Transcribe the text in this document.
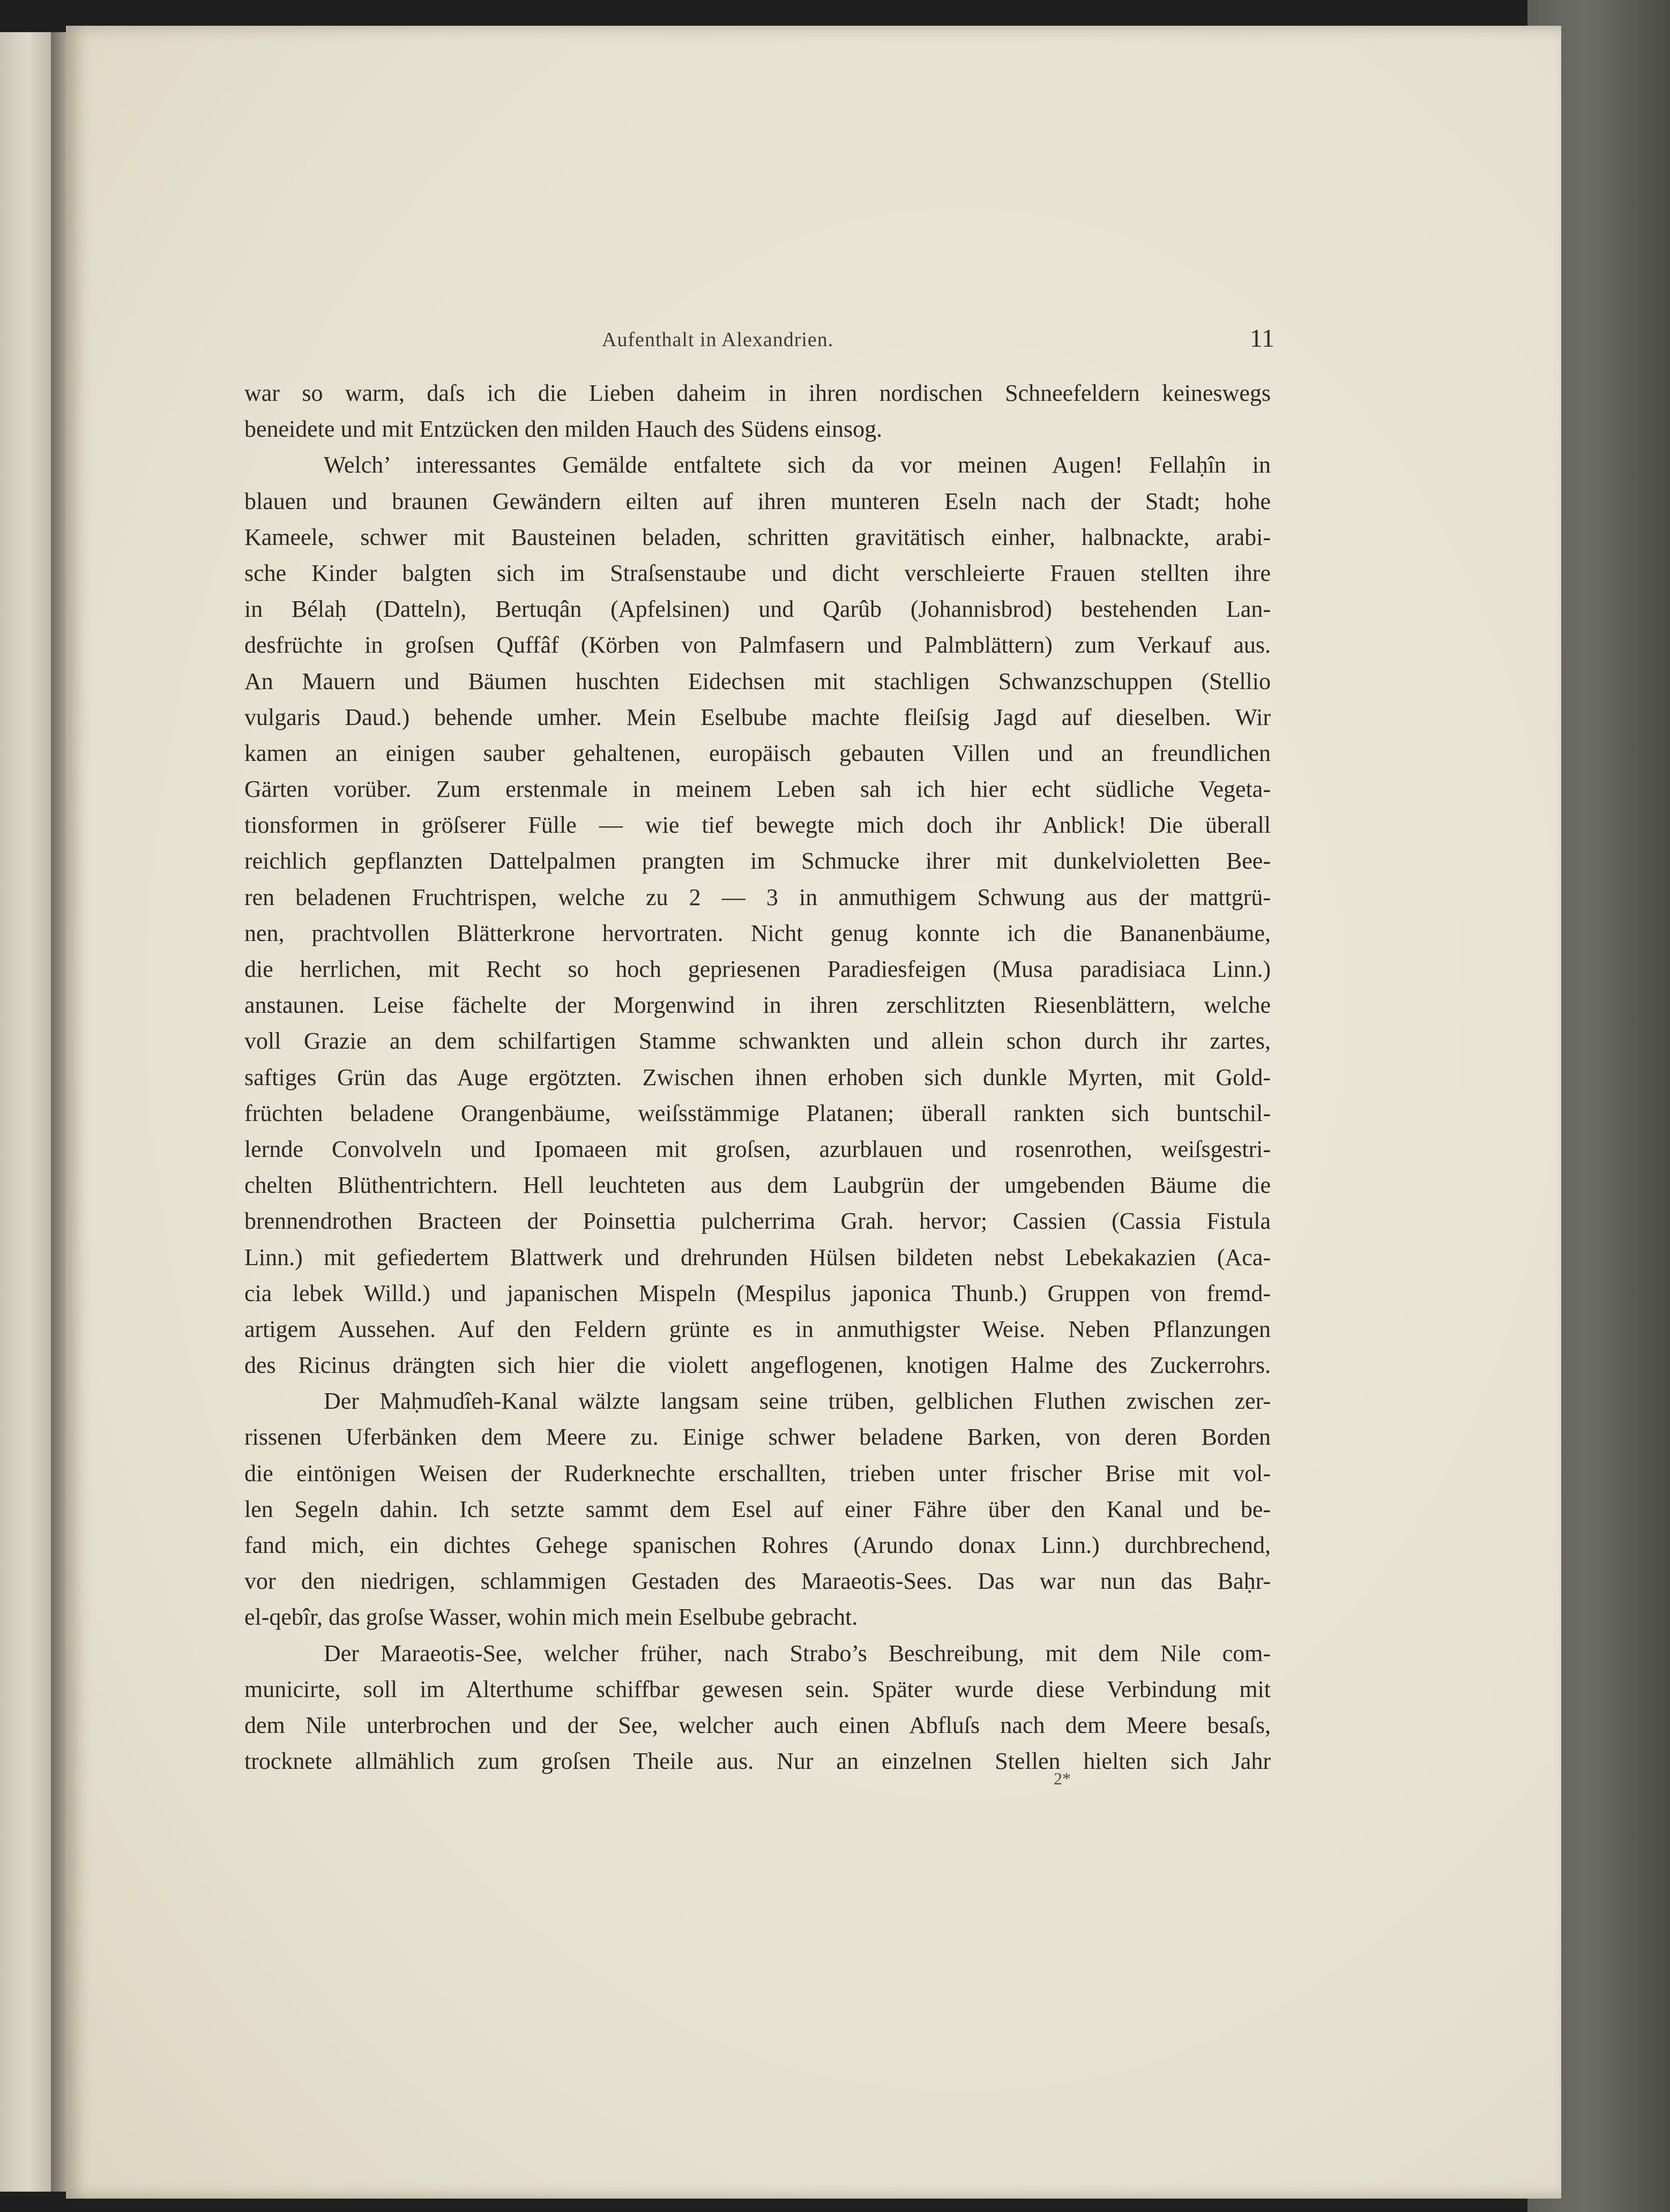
Aufenthalt in Alexandrien.	11
war so warm, daſs ich die Lieben daheim in ihren nordischen Schneefeldern keineswegs
beneidete und mit Entzücken den milden Hauch des Südens einsog.
Welch’ interessantes Gemälde entfaltete sich da vor meinen Augen! Fellaḥîn in
blauen und braunen Gewändern eilten auf ihren munteren Eseln nach der Stadt; hohe
Kameele, schwer mit Bausteinen beladen, schritten gravitätisch einher, halbnackte, arabi-
sche Kinder balgten sich im Straſsenstaube und dicht verschleierte Frauen stellten ihre
in Bélaḥ (Datteln), Bertuqân (Apfelsinen) und Qarûb (Johannisbrod) bestehenden Lan-
desfrüchte in groſsen Quffâf (Körben von Palmfasern und Palmblättern) zum Verkauf aus.
An Mauern und Bäumen huschten Eidechsen mit stachligen Schwanzschuppen (Stellio
vulgaris Daud.) behende umher. Mein Eselbube machte fleiſsig Jagd auf dieselben. Wir
kamen an einigen sauber gehaltenen, europäisch gebauten Villen und an freundlichen
Gärten vorüber. Zum erstenmale in meinem Leben sah ich hier echt südliche Vegeta-
tionsformen in gröſserer Fülle — wie tief bewegte mich doch ihr Anblick! Die überall
reichlich gepflanzten Dattelpalmen prangten im Schmucke ihrer mit dunkelvioletten Bee-
ren beladenen Fruchtrispen, welche zu 2 — 3 in anmuthigem Schwung aus der mattgrü-
nen, prachtvollen Blätterkrone hervortraten. Nicht genug konnte ich die Bananenbäume,
die herrlichen, mit Recht so hoch gepriesenen Paradiesfeigen (Musa paradisiaca Linn.)
anstaunen. Leise fächelte der Morgenwind in ihren zerschlitzten Riesenblättern, welche
voll Grazie an dem schilfartigen Stamme schwankten und allein schon durch ihr zartes,
saftiges Grün das Auge ergötzten. Zwischen ihnen erhoben sich dunkle Myrten, mit Gold-
früchten beladene Orangenbäume, weiſsstämmige Platanen; überall rankten sich buntschil-
lernde Convolveln und Ipomaeen mit groſsen, azurblauen und rosenrothen, weiſsgestri-
chelten Blüthentrichtern. Hell leuchteten aus dem Laubgrün der umgebenden Bäume die
brennendrothen Bracteen der Poinsettia pulcherrima Grah. hervor; Cassien (Cassia Fistula
Linn.) mit gefiedertem Blattwerk und drehrunden Hülsen bildeten nebst Lebekakazien (Aca-
cia lebek Willd.) und japanischen Mispeln (Mespilus japonica Thunb.) Gruppen von fremd-
artigem Aussehen. Auf den Feldern grünte es in anmuthigster Weise. Neben Pflanzungen
des Ricinus drängten sich hier die violett angeflogenen, knotigen Halme des Zuckerrohrs.
Der Maḥmudîeh-Kanal wälzte langsam seine trüben, gelblichen Fluthen zwischen zer-
rissenen Uferbänken dem Meere zu. Einige schwer beladene Barken, von deren Borden
die eintönigen Weisen der Ruderknechte erschallten, trieben unter frischer Brise mit vol-
len Segeln dahin. Ich setzte sammt dem Esel auf einer Fähre über den Kanal und be-
fand mich, ein dichtes Gehege spanischen Rohres (Arundo donax Linn.) durchbrechend,
vor den niedrigen, schlammigen Gestaden des Maraeotis-Sees. Das war nun das Baḥr-
el-qebîr, das groſse Wasser, wohin mich mein Eselbube gebracht.
Der Maraeotis-See, welcher früher, nach Strabo’s Beschreibung, mit dem Nile com-
municirte, soll im Alterthume schiffbar gewesen sein. Später wurde diese Verbindung mit
dem Nile unterbrochen und der See, welcher auch einen Abfluſs nach dem Meere besaſs,
trocknete allmählich zum groſsen Theile aus. Nur an einzelnen Stellen hielten sich Jahr
2*
